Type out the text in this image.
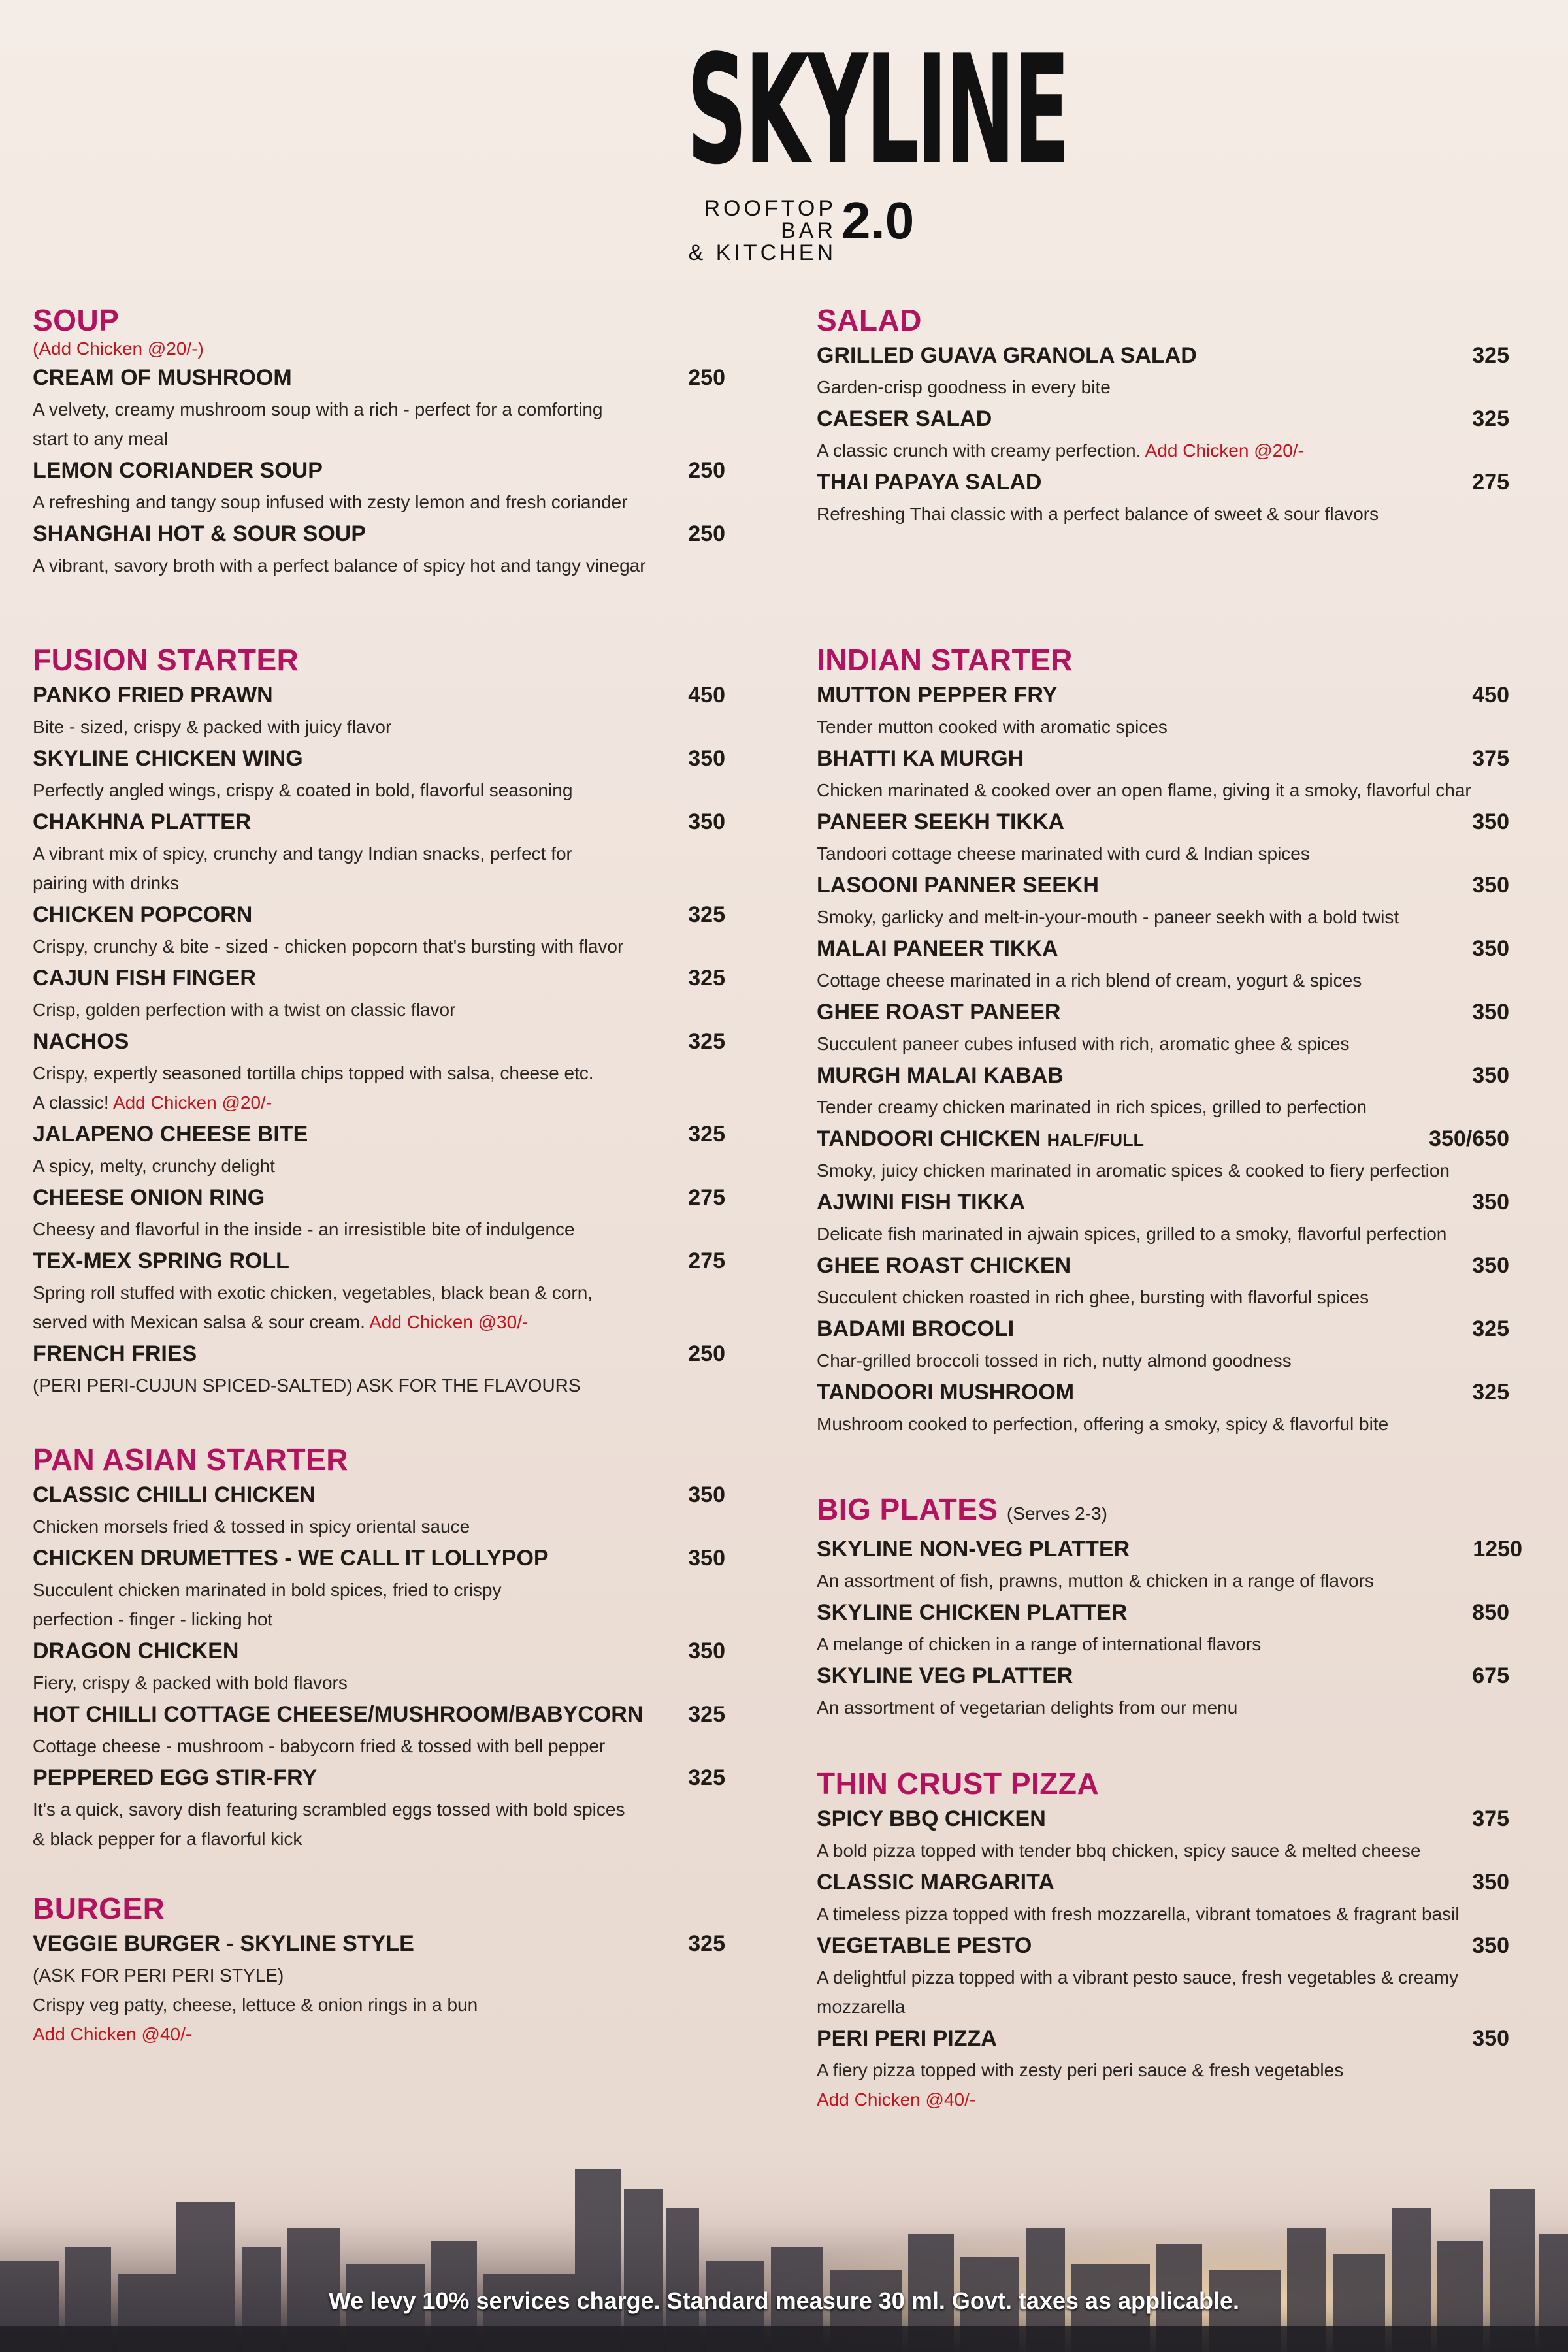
SKYLINE
ROOFTOP BAR
& KITCHEN
2.0
SOUP
(Add Chicken @20/-)
CREAM OF MUSHROOM	250
A velvety, creamy mushroom soup with a rich - perfect for a comforting
start to any meal
LEMON CORIANDER SOUP	250
A refreshing and tangy soup infused with zesty lemon and fresh coriander
SHANGHAI HOT & SOUR SOUP	250
A vibrant, savory broth with a perfect balance of spicy hot and tangy vinegar
FUSION STARTER
PANKO FRIED PRAWN	450
Bite - sized, crispy & packed with juicy flavor
SKYLINE CHICKEN WING	350
Perfectly angled wings, crispy & coated in bold, flavorful seasoning
CHAKHNA PLATTER	350
A vibrant mix of spicy, crunchy and tangy Indian snacks, perfect for
pairing with drinks
CHICKEN POPCORN	325
Crispy, crunchy & bite - sized - chicken popcorn that's bursting with flavor
CAJUN FISH FINGER	325
Crisp, golden perfection with a twist on classic flavor
NACHOS	325
Crispy, expertly seasoned tortilla chips topped with salsa, cheese etc.
A classic! Add Chicken @20/-
JALAPENO CHEESE BITE	325
A spicy, melty, crunchy delight
CHEESE ONION RING	275
Cheesy and flavorful in the inside - an irresistible bite of indulgence
TEX-MEX SPRING ROLL	275
Spring roll stuffed with exotic chicken, vegetables, black bean & corn,
served with Mexican salsa & sour cream. Add Chicken @30/-
FRENCH FRIES	250
(PERI PERI-CUJUN SPICED-SALTED) ASK FOR THE FLAVOURS
PAN ASIAN STARTER
CLASSIC CHILLI CHICKEN	350
Chicken morsels fried & tossed in spicy oriental sauce
CHICKEN DRUMETTES - WE CALL IT LOLLYPOP	350
Succulent chicken marinated in bold spices, fried to crispy
perfection - finger - licking hot
DRAGON CHICKEN	350
Fiery, crispy & packed with bold flavors
HOT CHILLI COTTAGE CHEESE/MUSHROOM/BABYCORN 325
Cottage cheese - mushroom - babycorn fried & tossed with bell pepper
PEPPERED EGG STIR-FRY	325
It's a quick, savory dish featuring scrambled eggs tossed with bold spices
& black pepper for a flavorful kick
BURGER
VEGGIE BURGER - SKYLINE STYLE	325
(ASK FOR PERI PERI STYLE)
Crispy veg patty, cheese, lettuce & onion rings in a bun
Add Chicken @40/-
SALAD
GRILLED GUAVA GRANOLA SALAD	325
Garden-crisp goodness in every bite
CAESER SALAD	325
A classic crunch with creamy perfection. Add Chicken @20/-
THAI PAPAYA SALAD	275
Refreshing Thai classic with a perfect balance of sweet & sour flavors
INDIAN STARTER
MUTTON PEPPER FRY	450
Tender mutton cooked with aromatic spices
BHATTI KA MURGH	375
Chicken marinated & cooked over an open flame, giving it a smoky, flavorful char
PANEER SEEKH TIKKA	350
Tandoori cottage cheese marinated with curd & Indian spices
LASOONI PANNER SEEKH	350
Smoky, garlicky and melt-in-your-mouth - paneer seekh with a bold twist
MALAI PANEER TIKKA	350
Cottage cheese marinated in a rich blend of cream, yogurt & spices
GHEE ROAST PANEER	350
Succulent paneer cubes infused with rich, aromatic ghee & spices
MURGH MALAI KABAB	350
Tender creamy chicken marinated in rich spices, grilled to perfection
TANDOORI CHICKEN HALF/FULL	350/650
Smoky, juicy chicken marinated in aromatic spices & cooked to fiery perfection
AJWINI FISH TIKKA	350
Delicate fish marinated in ajwain spices, grilled to a smoky, flavorful perfection
GHEE ROAST CHICKEN	350
Succulent chicken roasted in rich ghee, bursting with flavorful spices
BADAMI BROCOLI	325
Char-grilled broccoli tossed in rich, nutty almond goodness
TANDOORI MUSHROOM	325
Mushroom cooked to perfection, offering a smoky, spicy & flavorful bite
BIG PLATES (Serves 2-3)
SKYLINE NON-VEG PLATTER	1250
An assortment of fish, prawns, mutton & chicken in a range of flavors
SKYLINE CHICKEN PLATTER	850
A melange of chicken in a range of international flavors
SKYLINE VEG PLATTER	675
An assortment of vegetarian delights from our menu
THIN CRUST PIZZA
SPICY BBQ CHICKEN	375
A bold pizza topped with tender bbq chicken, spicy sauce & melted cheese
CLASSIC MARGARITA	350
A timeless pizza topped with fresh mozzarella, vibrant tomatoes & fragrant basil
VEGETABLE PESTO	350
A delightful pizza topped with a vibrant pesto sauce, fresh vegetables & creamy
mozzarella
PERI PERI PIZZA	350
A fiery pizza topped with zesty peri peri sauce & fresh vegetables
Add Chicken @40/-
We levy 10% services charge. Standard measure 30 ml. Govt. taxes as applicable.
